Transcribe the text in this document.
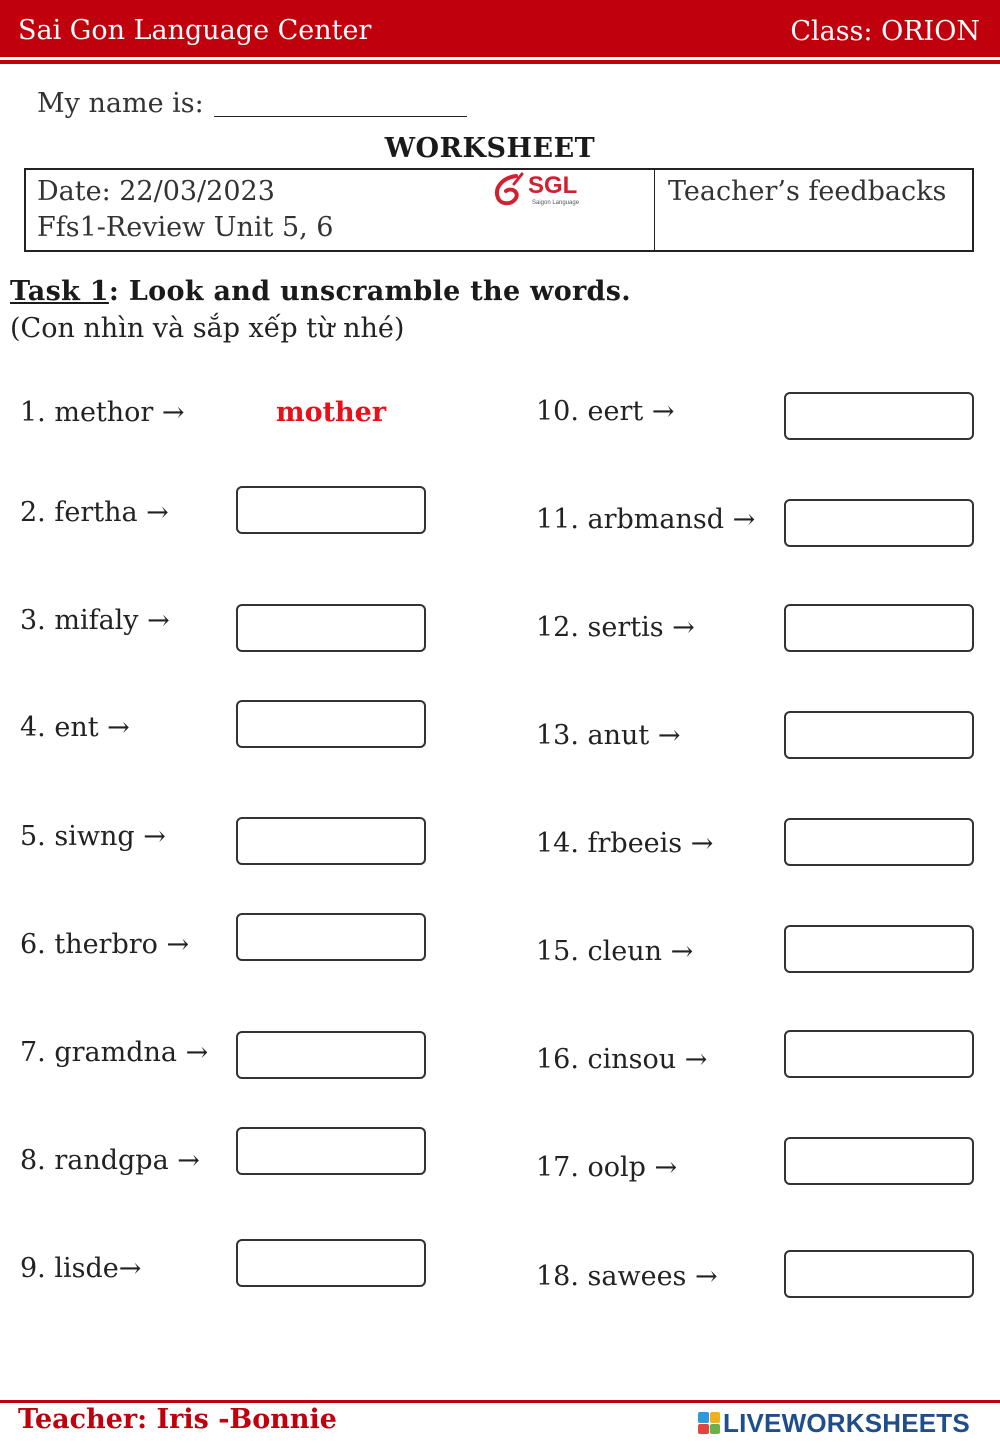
Sai Gon Language Center	Class: ORION
My name is:
WORKSHEET
Date: 22/03/2023
Ffs1-Review Unit 5, 6
Teacher’s feedbacks
SGL
Saigon Language
Task 1: Look and unscramble the words.
(Con nhìn và sắp xếp từ nhé)
1. methor →	mother
2. fertha →
3. mifaly →
4. ent →
5. siwng →
6. therbro →
7. gramdna →
8. randgpa →
9. lisde→
10. eert →
11. arbmansd →
12. sertis →
13. anut →
14. frbeeis →
15. cleun →
16. cinsou →
17. oolp →
18. sawees →
Teacher: Iris -Bonnie	LIVEWORKSHEETS
